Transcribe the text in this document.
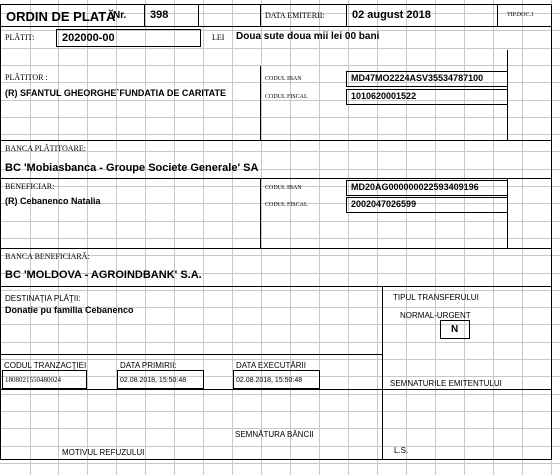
ORDIN DE PLATĂ
Nr. 398	DATA EMITERII: 02 august 2018	TIP.DOC.1
PLĂTIT:	202000-00	LEI Doua sute doua mii lei 00 bani
PLĂTITOR :
(R) SFANTUL GHEORGHE`FUNDATIA DE CARITATE
CODUL IBAN	MD47MO2224ASV35534787100
CODUL FISCAL	1010620001522
BANCA PLĂTITOARE:
BC 'Mobiasbanca - Groupe Societe Generale' SA
BENEFICIAR:
(R) Cebanenco Natalia
CODUL IBAN	MD20AG000000022593409196
CODUL FISCAL	2002047026599
BANCA BENEFICIARĂ:
BC 'MOLDOVA - AGROINDBANK' S.A.
DESTINAŢIA PLĂŢII:
Donatie pu familia Cebanenco
TIPUL TRANSFERULUI
NORMAL-URGENT
N
CODUL TRANZACŢIEI
1808021550480024
DATA PRIMIRII:
02.08.2018, 15:50:48
DATA EXECUTĂRII
02.08.2018, 15:50:48	SEMNATURILE EMITENTULUI
SEMNĂTURA BĂNCII
MOTIVUL REFUZULUI	L.S.
